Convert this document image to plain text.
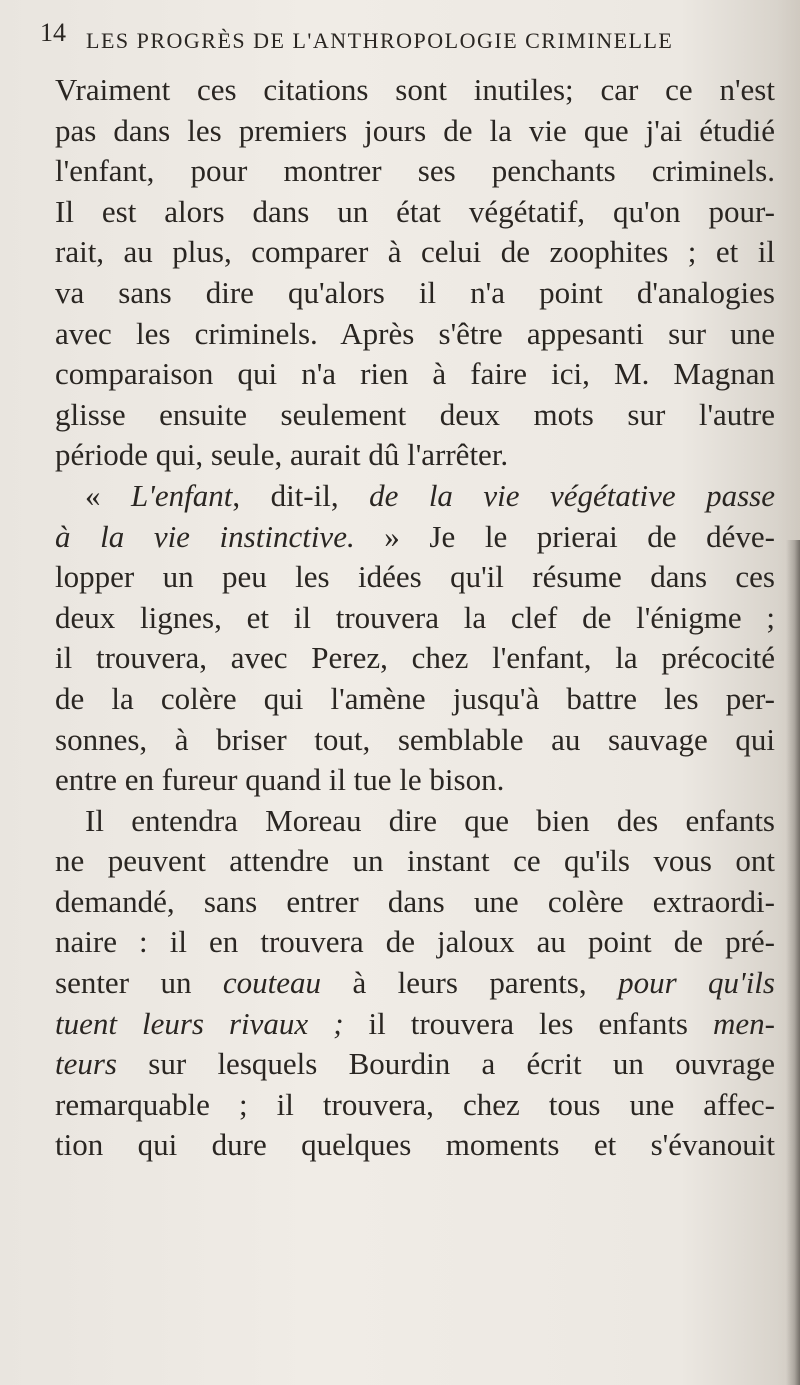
14 LES PROGRÈS DE L'ANTHROPOLOGIE CRIMINELLE
Vraiment ces citations sont inutiles; car ce n'est
pas dans les premiers jours de la vie que j'ai étudié
l'enfant, pour montrer ses penchants criminels.
Il est alors dans un état végétatif, qu'on pour-
rait, au plus, comparer à celui de zoophites ; et il
va sans dire qu'alors il n'a point d'analogies
avec les criminels. Après s'être appesanti sur une
comparaison qui n'a rien à faire ici, M. Magnan
glisse ensuite seulement deux mots sur l'autre
période qui, seule, aurait dû l'arrêter.
« L'enfant, dit-il, de la vie végétative passe
à la vie instinctive. » Je le prierai de déve-
lopper un peu les idées qu'il résume dans ces
deux lignes, et il trouvera la clef de l'énigme ;
il trouvera, avec Perez, chez l'enfant, la précocité
de la colère qui l'amène jusqu'à battre les per-
sonnes, à briser tout, semblable au sauvage qui
entre en fureur quand il tue le bison.
Il entendra Moreau dire que bien des enfants
ne peuvent attendre un instant ce qu'ils vous ont
demandé, sans entrer dans une colère extraordi-
naire : il en trouvera de jaloux au point de pré-
senter un couteau à leurs parents, pour qu'ils
tuent leurs rivaux ; il trouvera les enfants men-
teurs sur lesquels Bourdin a écrit un ouvrage
remarquable ; il trouvera, chez tous une affec-
tion qui dure quelques moments et s'évanouit
